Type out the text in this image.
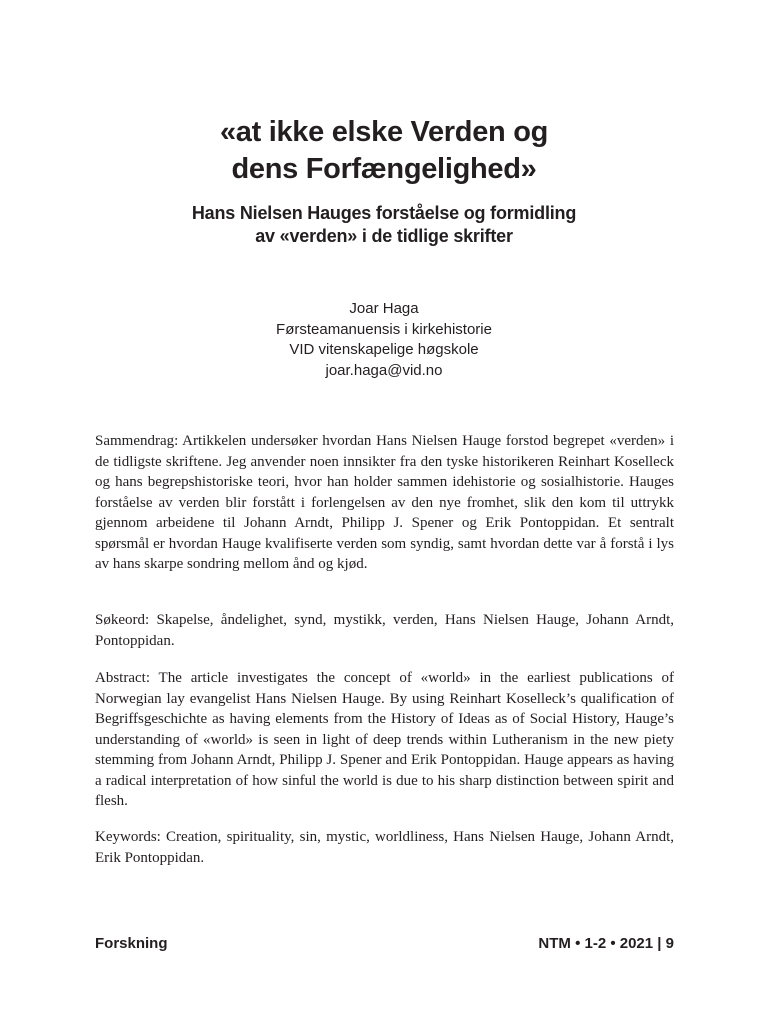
«at ikke elske Verden og
dens Forfængelighed»
Hans Nielsen Hauges forståelse og formidling
av «verden» i de tidlige skrifter
Joar Haga
Førsteamanuensis i kirkehistorie
VID vitenskapelige høgskole
joar.haga@vid.no

Sammendrag: Artikkelen undersøker hvordan Hans Nielsen Hauge forstod begrepet «verden» i de tidligste skriftene. Jeg anvender noen innsikter fra den tyske historikeren Reinhart Koselleck og hans begrepshistoriske teori, hvor han holder sammen idehistorie og sosialhistorie. Hauges forståelse av verden blir forstått i forlengelsen av den nye fromhet, slik den kom til uttrykk gjennom arbeidene til Johann Arndt, Philipp J. Spener og Erik Pontoppidan. Et sentralt spørsmål er hvordan Hauge kvalifiserte verden som syndig, samt hvordan dette var å forstå i lys av hans skarpe sondring mellom ånd og kjød.

Søkeord: Skapelse, åndelighet, synd, mystikk, verden, Hans Nielsen Hauge, Johann Arndt, Pontoppidan.

Abstract: The article investigates the concept of «world» in the earliest publications of Norwegian lay evangelist Hans Nielsen Hauge. By using Reinhart Koselleck’s qualification of Begriffsgeschichte as having elements from the History of Ideas as of Social History, Hauge’s understanding of «world» is seen in light of deep trends within Lutheranism in the new piety stemming from Johann Arndt, Philipp J. Spener and Erik Pontoppidan. Hauge appears as having a radical interpretation of how sinful the world is due to his sharp distinction between spirit and flesh.

Keywords: Creation, spirituality, sin, mystic, worldliness, Hans Nielsen Hauge, Johann Arndt, Erik Pontoppidan.

Forskning	NTM • 1-2 • 2021 | 9
